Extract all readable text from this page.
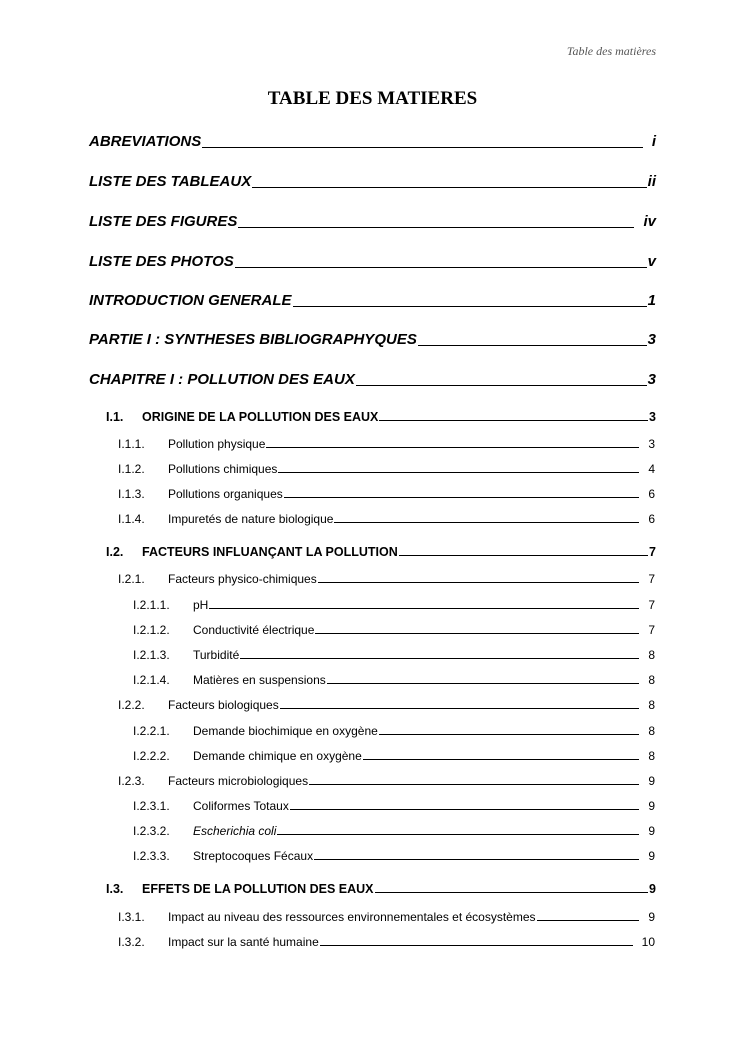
Table des matières
TABLE DES MATIERES
ABREVIATIONS	i
LISTE DES TABLEAUX	ii
LISTE DES FIGURES	iv
LISTE DES PHOTOS	v
INTRODUCTION GENERALE	1
PARTIE I : SYNTHESES BIBLIOGRAPHYQUES	3
CHAPITRE I : POLLUTION DES EAUX	3
I.1.	ORIGINE DE LA POLLUTION DES EAUX	3
I.1.1.	Pollution physique	3
I.1.2.	Pollutions chimiques	4
I.1.3.	Pollutions organiques	6
I.1.4.	Impuretés de nature biologique	6
I.2.	FACTEURS INFLUANÇANT LA POLLUTION	7
I.2.1.	Facteurs physico-chimiques	7
I.2.1.1.	pH	7
I.2.1.2.	Conductivité électrique	7
I.2.1.3.	Turbidité	8
I.2.1.4.	Matières en suspensions	8
I.2.2.	Facteurs biologiques	8
I.2.2.1.	Demande biochimique en oxygène	8
I.2.2.2.	Demande chimique en oxygène	8
I.2.3.	Facteurs microbiologiques	9
I.2.3.1.	Coliformes Totaux	9
I.2.3.2.	Escherichia coli	9
I.2.3.3.	Streptocoques Fécaux	9
I.3.	EFFETS DE LA POLLUTION DES EAUX	9
I.3.1.	Impact au niveau des ressources environnementales et écosystèmes	9
I.3.2.	Impact sur la santé humaine	10
